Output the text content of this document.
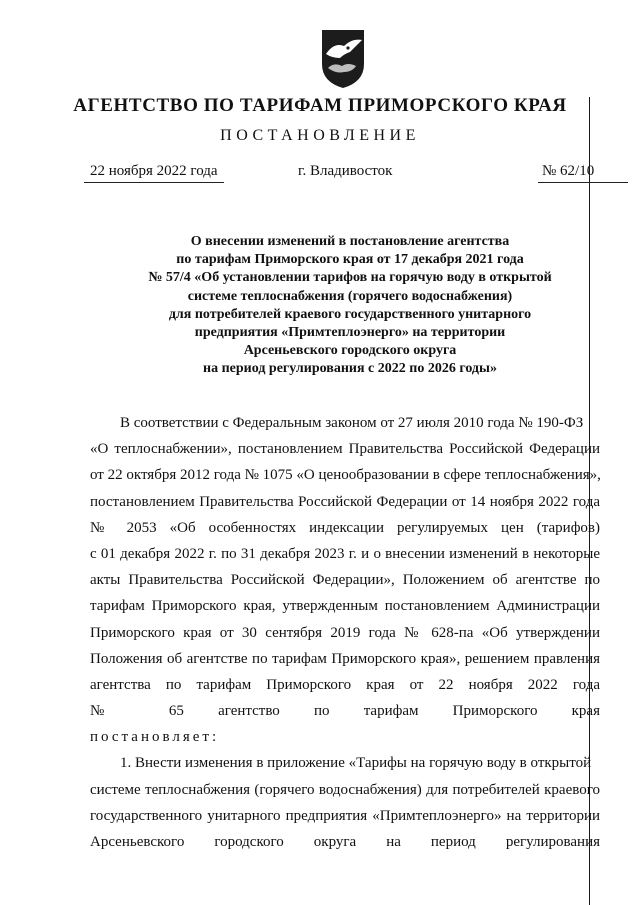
АГЕНТСТВО ПО ТАРИФАМ ПРИМОРСКОГО КРАЯ
ПОСТАНОВЛЕНИЕ
22 ноября 2022 года	г. Владивосток	№ 62/10
О внесении изменений в постановление агентства
по тарифам Приморского края от 17 декабря 2021 года
№ 57/4 «Об установлении тарифов на горячую воду в открытой
системе теплоснабжения (горячего водоснабжения)
для потребителей краевого государственного унитарного
предприятия «Примтеплоэнерго» на территории
Арсеньевского городского округа
на период регулирования с 2022 по 2026 годы»
В соответствии с Федеральным законом от 27 июля 2010 года № 190-ФЗ
«О теплоснабжении», постановлением Правительства Российской Федерации
от 22 октября 2012 года № 1075 «О ценообразовании в сфере теплоснабжения»,
постановлением Правительства Российской Федерации от 14 ноября 2022 года
№ 2053 «Об особенностях индексации регулируемых цен (тарифов)
с 01 декабря 2022 г. по 31 декабря 2023 г. и о внесении изменений в некоторые
акты Правительства Российской Федерации», Положением об агентстве по
тарифам Приморского края, утвержденным постановлением Администрации
Приморского края от 30 сентября 2019 года № 628-па «Об утверждении
Положения об агентстве по тарифам Приморского края», решением правления
агентства по тарифам Приморского края от 22 ноября 2022 года
№ 65 агентство по тарифам Приморского края
постановляет:
1. Внести изменения в приложение «Тарифы на горячую воду в открытой
системе теплоснабжения (горячего водоснабжения) для потребителей краевого
государственного унитарного предприятия «Примтеплоэнерго» на территории
Арсеньевского городского округа на период регулирования
